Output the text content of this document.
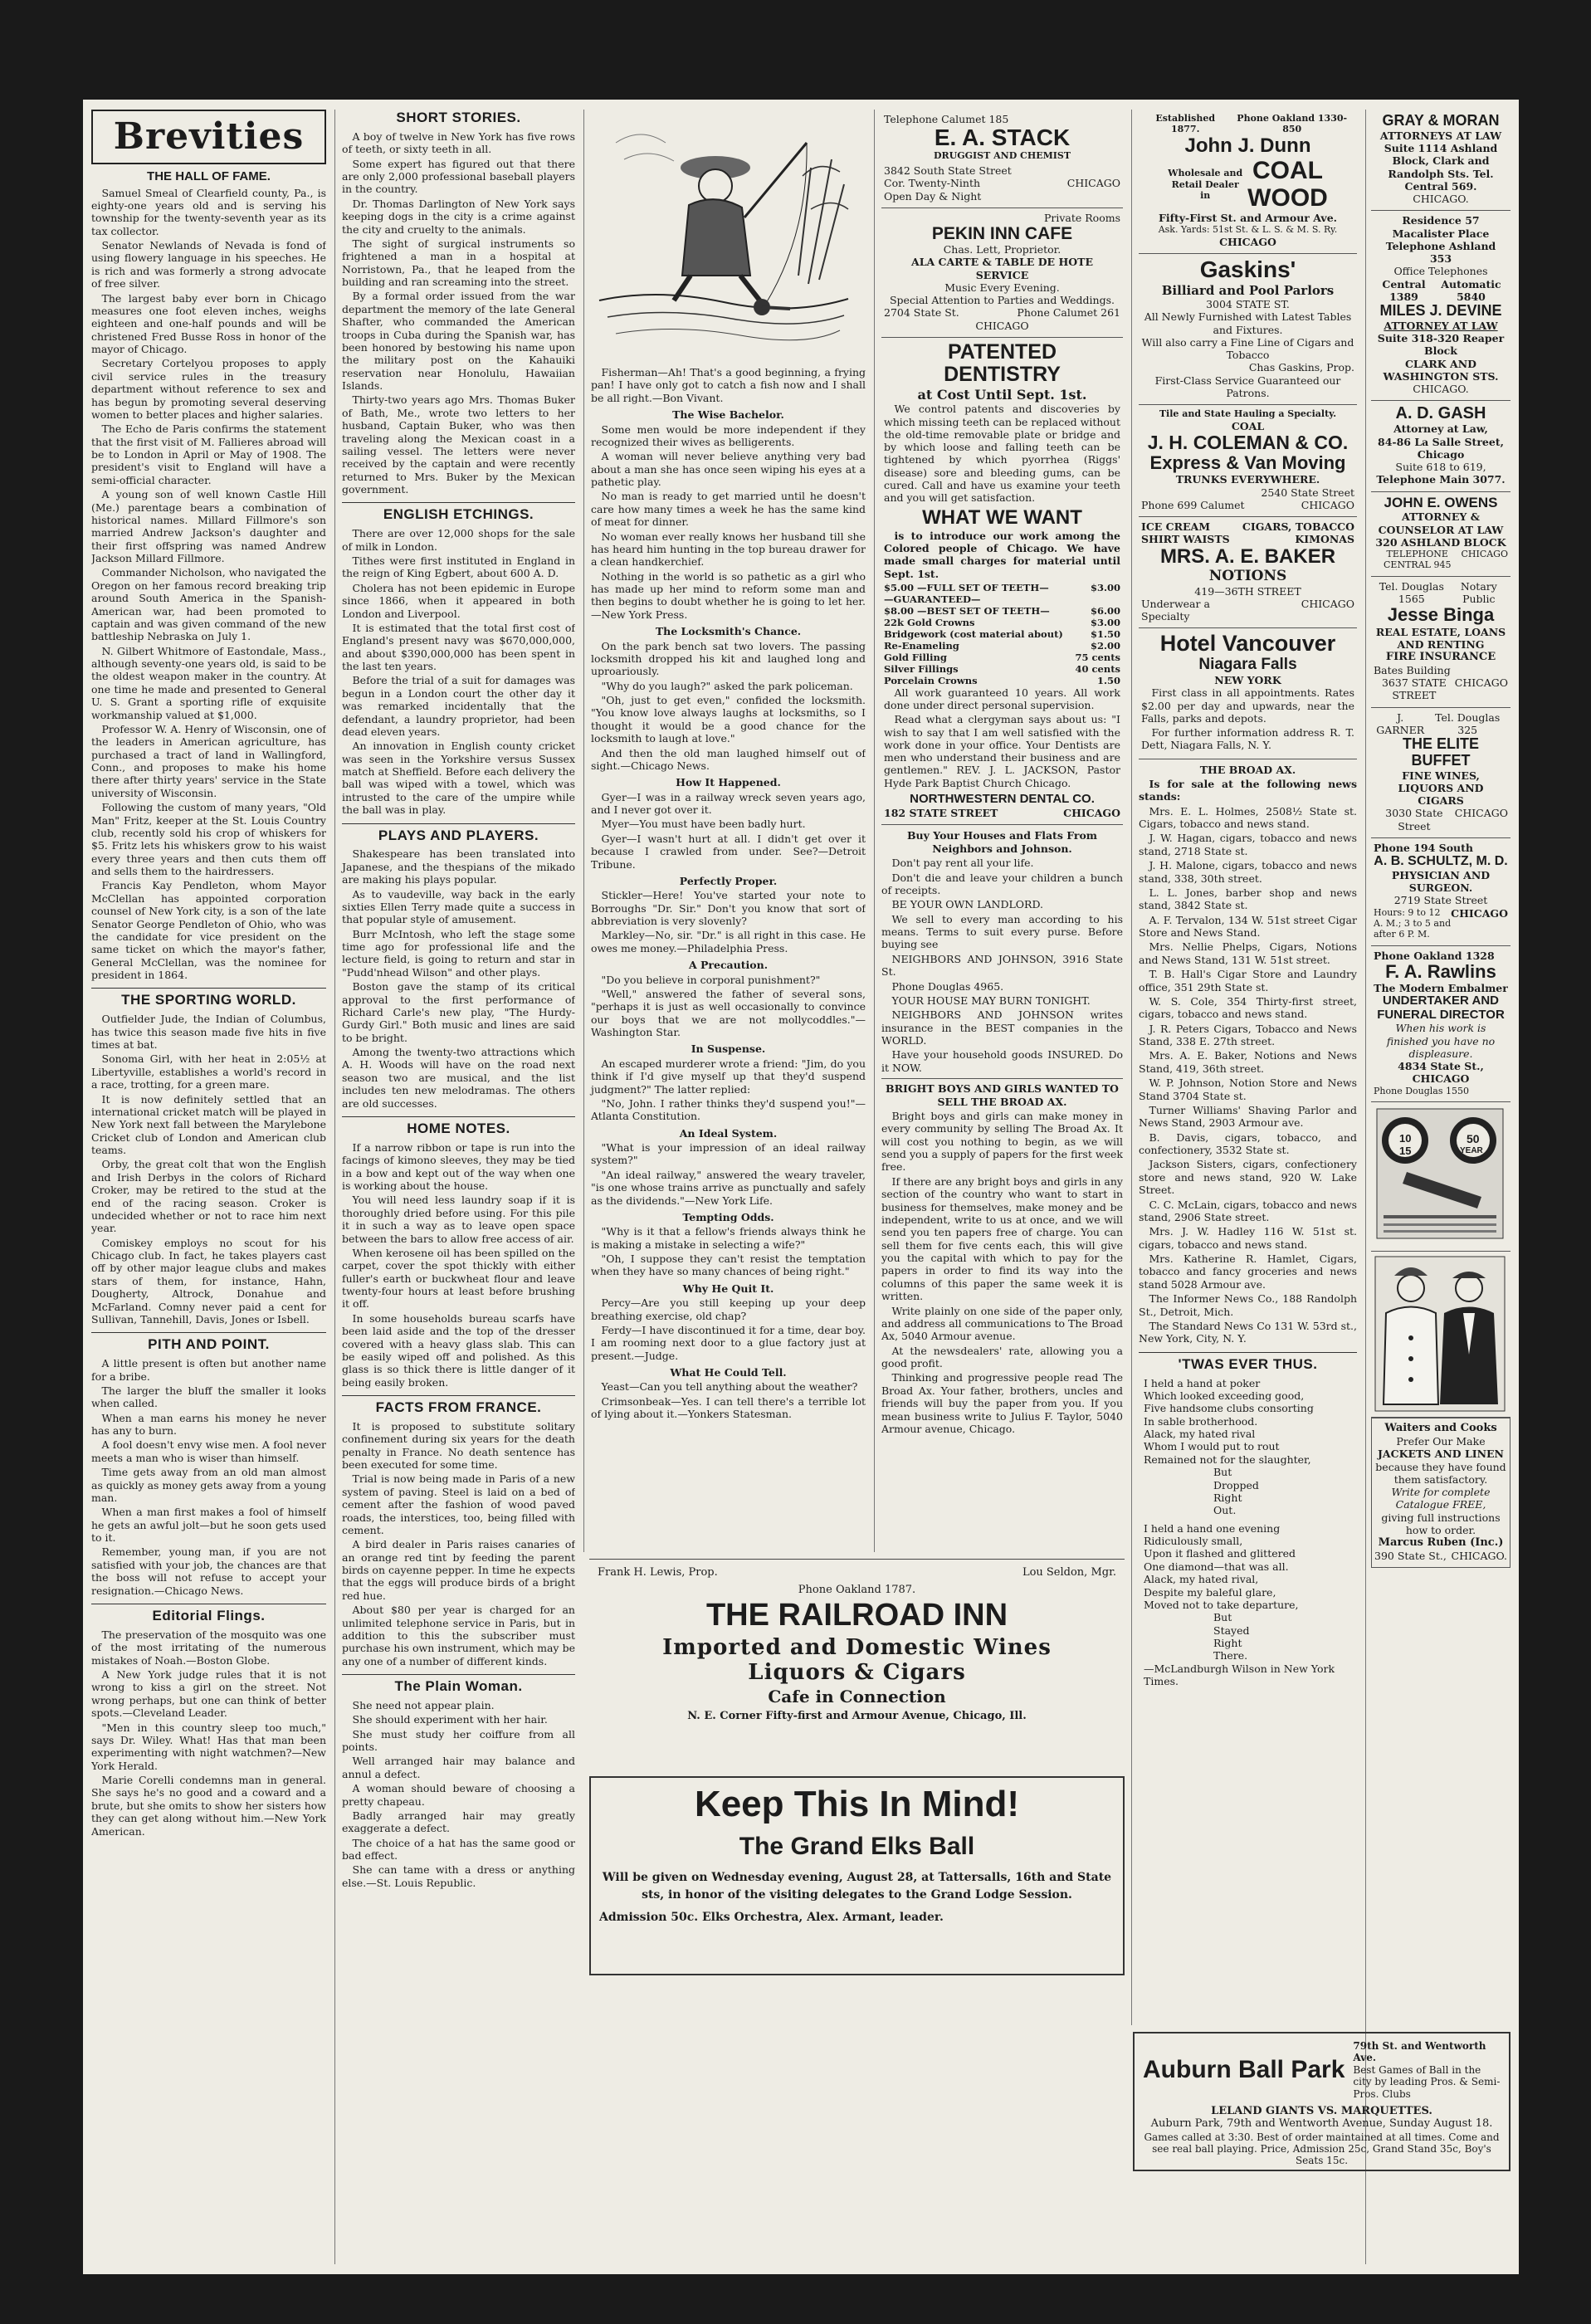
Brevities
THE HALL OF FAME.

Samuel Smeal of Clearfield county, Pa., is eighty-one years old and is serving his township for the twenty-seventh year as its tax collector.

Senator Newlands of Nevada is fond of using flowery language in his speeches. He is rich and was formerly a strong advocate of free silver.

The largest baby ever born in Chicago measures one foot eleven inches, weighs eighteen and one-half pounds and will be christened Fred Busse Ross in honor of the mayor of Chicago.

Secretary Cortelyou proposes to apply civil service rules in the treasury department without reference to sex and has begun by promoting several deserving women to better places and higher salaries.

The Echo de Paris confirms the statement that the first visit of M. Fallieres abroad will be to London in April or May of 1908. The president's visit to England will have a semi-official character.

A young son of well known Castle Hill (Me.) parentage bears a combination of historical names. Millard Fillmore's son married Andrew Jackson's daughter and their first offspring was named Andrew Jackson Millard Fillmore.

Commander Nicholson, who navigated the Oregon on her famous record breaking trip around South America in the Spanish-American war, had been promoted to captain and was given command of the new battleship Nebraska on July 1.

N. Gilbert Whitmore of Eastondale, Mass., although seventy-one years old, is said to be the oldest weapon maker in the country. At one time he made and presented to General U. S. Grant a sporting rifle of exquisite workmanship valued at $1,000.

Professor W. A. Henry of Wisconsin, one of the leaders in American agriculture, has purchased a tract of land in Wallingford, Conn., and proposes to make his home there after thirty years' service in the State university of Wisconsin.

Following the custom of many years, "Old Man" Fritz, keeper at the St. Louis Country club, recently sold his crop of whiskers for $5. Fritz lets his whiskers grow to his waist every three years and then cuts them off and sells them to the hairdressers.

Francis Kay Pendleton, whom Mayor McClellan has appointed corporation counsel of New York city, is a son of the late Senator George Pendleton of Ohio, who was the candidate for vice president on the same ticket on which the mayor's father, General McClellan, was the nominee for president in 1864.

THE SPORTING WORLD.

Outfielder Jude, the Indian of Columbus, has twice this season made five hits in five times at bat.

Sonoma Girl, with her heat in 2:05½ at Libertyville, establishes a world's record in a race, trotting, for a green mare.

It is now definitely settled that an international cricket match will be played in New York next fall between the Marylebone Cricket club of London and American club teams.

Orby, the great colt that won the English and Irish Derbys in the colors of Richard Croker, may be retired to the stud at the end of the racing season. Croker is undecided whether or not to race him next year.

Comiskey employs no scout for his Chicago club. In fact, he takes players cast off by other major league clubs and makes stars of them, for instance, Hahn, Dougherty, Altrock, Donahue and McFarland. Comny never paid a cent for Sullivan, Tannehill, Davis, Jones or Isbell.

PITH AND POINT.

A little present is often but another name for a bribe.

The larger the bluff the smaller it looks when called.

When a man earns his money he never has any to burn.

A fool doesn't envy wise men. A fool never meets a man who is wiser than himself.

Time gets away from an old man almost as quickly as money gets away from a young man.

When a man first makes a fool of himself he gets an awful jolt—but he soon gets used to it.

Remember, young man, if you are not satisfied with your job, the chances are that the boss will not refuse to accept your resignation.—Chicago News.

Editorial Flings.

The preservation of the mosquito was one of the most irritating of the numerous mistakes of Noah.—Boston Globe.

A New York judge rules that it is not wrong to kiss a girl on the street. Not wrong perhaps, but one can think of better spots.—Cleveland Leader.

"Men in this country sleep too much," says Dr. Wiley. What! Has that man been experimenting with night watchmen?—New York Herald.

Marie Corelli condemns man in general. She says he's no good and a coward and a brute, but she omits to show her sisters how they can get along without him.—New York American.

SHORT STORIES.

A boy of twelve in New York has five rows of teeth, or sixty teeth in all.

Some expert has figured out that there are only 2,000 professional baseball players in the country.

Dr. Thomas Darlington of New York says keeping dogs in the city is a crime against the city and cruelty to the animals.

The sight of surgical instruments so frightened a man in a hospital at Norristown, Pa., that he leaped from the building and ran screaming into the street.

By a formal order issued from the war department the memory of the late General Shafter, who commanded the American troops in Cuba during the Spanish war, has been honored by bestowing his name upon the military post on the Kahauiki reservation near Honolulu, Hawaiian Islands.

Thirty-two years ago Mrs. Thomas Buker of Bath, Me., wrote two letters to her husband, Captain Buker, who was then traveling along the Mexican coast in a sailing vessel. The letters were never received by the captain and were recently returned to Mrs. Buker by the Mexican government.

ENGLISH ETCHINGS.

There are over 12,000 shops for the sale of milk in London.

Tithes were first instituted in England in the reign of King Egbert, about 600 A. D.

Cholera has not been epidemic in Europe since 1866, when it appeared in both London and Liverpool.

It is estimated that the total first cost of England's present navy was $670,000,000, and about $390,000,000 has been spent in the last ten years.

Before the trial of a suit for damages was begun in a London court the other day it was remarked incidentally that the defendant, a laundry proprietor, had been dead eleven years.

An innovation in English county cricket was seen in the Yorkshire versus Sussex match at Sheffield. Before each delivery the ball was wiped with a towel, which was intrusted to the care of the umpire while the ball was in play.

PLAYS AND PLAYERS.

Shakespeare has been translated into Japanese, and the thespians of the mikado are making his plays popular.

As to vaudeville, way back in the early sixties Ellen Terry made quite a success in that popular style of amusement.

Burr McIntosh, who left the stage some time ago for professional life and the lecture field, is going to return and star in "Pudd'nhead Wilson" and other plays.

Boston gave the stamp of its critical approval to the first performance of Richard Carle's new play, "The Hurdy-Gurdy Girl." Both music and lines are said to be bright.

Among the twenty-two attractions which A. H. Woods will have on the road next season two are musical, and the list includes ten new melodramas. The others are old successes.

HOME NOTES.

If a narrow ribbon or tape is run into the facings of kimono sleeves, they may be tied in a bow and kept out of the way when one is working about the house.

You will need less laundry soap if it is thoroughly dried before using. For this pile it in such a way as to leave open space between the bars to allow free access of air.

When kerosene oil has been spilled on the carpet, cover the spot thickly with either fuller's earth or buckwheat flour and leave twenty-four hours at least before brushing it off.

In some households bureau scarfs have been laid aside and the top of the dresser covered with a heavy glass slab. This can be easily wiped off and polished. As this glass is so thick there is little danger of it being easily broken.

FACTS FROM FRANCE.

It is proposed to substitute solitary confinement during six years for the death penalty in France. No death sentence has been executed for some time.

Trial is now being made in Paris of a new system of paving. Steel is laid on a bed of cement after the fashion of wood paved roads, the interstices, too, being filled with cement.

A bird dealer in Paris raises canaries of an orange red tint by feeding the parent birds on cayenne pepper. In time he expects that the eggs will produce birds of a bright red hue.

About $80 per year is charged for an unlimited telephone service in Paris, but in addition to this the subscriber must purchase his own instrument, which may be any one of a number of different kinds.

The Plain Woman.

She need not appear plain.

She should experiment with her hair.

She must study her coiffure from all points.

Well arranged hair may balance and annul a defect.

A woman should beware of choosing a pretty chapeau.

Badly arranged hair may greatly exaggerate a defect.

The choice of a hat has the same good or bad effect.

She can tame with a dress or anything else.—St. Louis Republic.

Fisherman—Ah! That's a good beginning, a frying pan! I have only got to catch a fish now and I shall be all right.—Bon Vivant.

The Wise Bachelor.

Some men would be more independent if they recognized their wives as belligerents.

A woman will never believe anything very bad about a man she has once seen wiping his eyes at a pathetic play.

No man is ready to get married until he doesn't care how many times a week he has the same kind of meat for dinner.

No woman ever really knows her husband till she has heard him hunting in the top bureau drawer for a clean handkerchief.

Nothing in the world is so pathetic as a girl who has made up her mind to reform some man and then begins to doubt whether he is going to let her.—New York Press.

The Locksmith's Chance.

On the park bench sat two lovers. The passing locksmith dropped his kit and laughed long and uproariously.

"Why do you laugh?" asked the park policeman.

"Oh, just to get even," confided the locksmith. "You know love always laughs at locksmiths, so I thought it would be a good chance for the locksmith to laugh at love."

And then the old man laughed himself out of sight.—Chicago News.

How It Happened.

Gyer—I was in a railway wreck seven years ago, and I never got over it.

Myer—You must have been badly hurt.

Gyer—I wasn't hurt at all. I didn't get over it because I crawled from under. See?—Detroit Tribune.

Perfectly Proper.

Stickler—Here! You've started your note to Borroughs "Dr. Sir." Don't you know that sort of abbreviation is very slovenly?

Markley—No, sir. "Dr." is all right in this case. He owes me money.—Philadelphia Press.

A Precaution.

"Do you believe in corporal punishment?"

"Well," answered the father of several sons, "perhaps it is just as well occasionally to convince our boys that we are not mollycoddles."—Washington Star.

In Suspense.

An escaped murderer wrote a friend: "Jim, do you think if I'd give myself up that they'd suspend judgment?" The latter replied:

"No, John. I rather thinks they'd suspend you!"—Atlanta Constitution.

An Ideal System.

"What is your impression of an ideal railway system?"

"An ideal railway," answered the weary traveler, "is one whose trains arrive as punctually and safely as the dividends."—New York Life.

Tempting Odds.

"Why is it that a fellow's friends always think he is making a mistake in selecting a wife?"

"Oh, I suppose they can't resist the temptation when they have so many chances of being right."

Why He Quit It.

Percy—Are you still keeping up your deep breathing exercise, old chap?

Ferdy—I have discontinued it for a time, dear boy. I am rooming next door to a glue factory just at present.—Judge.

What He Could Tell.

Yeast—Can you tell anything about the weather?

Crimsonbeak—Yes. I can tell there's a terrible lot of lying about it.—Yonkers Statesman.

Telephone Calumet 185
E. A. STACK
DRUGGIST AND CHEMIST
3842 South State Street
Cor. Twenty-Ninth	CHICAGO
Open Day & Night
Private Rooms
PEKIN INN CAFE
Chas. Lett, Proprietor.
ALA CARTE & TABLE DE HOTE SERVICE
Music Every Evening.
Special Attention to Parties and Weddings.
2704 State St.	Phone Calumet 261
CHICAGO
PATENTED
DENTISTRY
at Cost Until Sept. 1st.

We control patents and discoveries by which missing teeth can be replaced without the old-time removable plate or bridge and by which loose and falling teeth can be tightened by which pyorrhea (Riggs' disease) sore and bleeding gums, can be cured. Call and have us examine your teeth and you will get satisfaction.

WHAT WE WANT

is to introduce our work among the Colored people of Chicago. We have made small charges for material until Sept. 1st.

$5.00 —FULL SET OF TEETH—	$3.00
—GUARANTEED—
$8.00 —BEST SET OF TEETH—	$6.00
22k Gold Crowns	$3.00
Bridgework (cost material about)	$1.50
Re-Enameling	$2.00
Gold Filling	75 cents
Silver Fillings	40 cents
Porcelain Crowns	1.50

All work guaranteed 10 years. All work done under direct personal supervision.

Read what a clergyman says about us: "I wish to say that I am well satisfied with the work done in your office. Your Dentists are men who understand their business and are gentlemen." REV. J. L. JACKSON, Pastor Hyde Park Baptist Church Chicago.

NORTHWESTERN DENTAL CO.
182 STATE STREET	CHICAGO
Buy Your Houses and Flats From Neighbors and Johnson.

Don't pay rent all your life.

Don't die and leave your children a bunch of receipts.

BE YOUR OWN LANDLORD.

We sell to every man according to his means. Terms to suit every purse. Before buying see

NEIGHBORS AND JOHNSON, 3916 State St.

Phone Douglas 4965.

YOUR HOUSE MAY BURN TONIGHT.

NEIGHBORS AND JOHNSON writes insurance in the BEST companies in the WORLD.

Have your household goods INSURED. Do it NOW.

BRIGHT BOYS AND GIRLS WANTED TO SELL THE BROAD AX.

Bright boys and girls can make money in every community by selling The Broad Ax. It will cost you nothing to begin, as we will send you a supply of papers for the first week free.

If there are any bright boys and girls in any section of the country who want to start in business for themselves, make money and be independent, write to us at once, and we will send you ten papers free of charge. You can sell them for five cents each, this will give you the capital with which to pay for the papers in order to find its way into the columns of this paper the same week it is written.

Write plainly on one side of the paper only, and address all communications to The Broad Ax, 5040 Armour avenue.

At the newsdealers' rate, allowing you a good profit.

Thinking and progressive people read The Broad Ax. Your father, brothers, uncles and friends will buy the paper from you. If you mean business write to Julius F. Taylor, 5040 Armour avenue, Chicago.

Established 1877.
Phone Oakland 1330-850
John J. Dunn
Wholesale and Retail Dealer in
COAL
WOOD
Fifty-First St. and Armour Ave.
Ask. Yards: 51st St. & L. S. & M. S. Ry.
CHICAGO
Gaskins'
Billiard and Pool Parlors
3004 STATE ST.
All Newly Furnished with Latest Tables and Fixtures.
Will also carry a Fine Line of Cigars and Tobacco
Chas Gaskins, Prop.
First-Class Service Guaranteed our Patrons.
Tile and State Hauling a Specialty.
COAL
J. H. COLEMAN & CO.
Express & Van Moving
TRUNKS EVERYWHERE.
2540 State Street
Phone 699 Calumet	CHICAGO
ICE CREAM	CIGARS, TOBACCO
SHIRT WAISTS	KIMONAS
MRS. A. E. BAKER
NOTIONS
419—36TH STREET
Underwear a Specialty
CHICAGO
Hotel Vancouver
Niagara Falls
NEW YORK

First class in all appointments. Rates $2.00 per day and upwards, near the Falls, parks and depots.

For further information address R. T. Dett, Niagara Falls, N. Y.

THE BROAD AX.

Is for sale at the following news stands:

Mrs. E. L. Holmes, 2508½ State st. Cigars, tobacco and news stand.

J. W. Hagan, cigars, tobacco and news stand, 2718 State st.

J. H. Malone, cigars, tobacco and news stand, 338, 30th street.

L. L. Jones, barber shop and news stand, 3842 State st.

A. F. Tervalon, 134 W. 51st street Cigar Store and News Stand.

Mrs. Nellie Phelps, Cigars, Notions and News Stand, 131 W. 51st street.

T. B. Hall's Cigar Store and Laundry office, 351 29th State st.

W. S. Cole, 354 Thirty-first street, cigars, tobacco and news stand.

J. R. Peters Cigars, Tobacco and News Stand, 338 E. 27th street.

Mrs. A. E. Baker, Notions and News Stand, 419, 36th street.

W. P. Johnson, Notion Store and News Stand 3704 State st.

Turner Williams' Shaving Parlor and News Stand, 2903 Armour ave.

B. Davis, cigars, tobacco, and confectionery, 3532 State st.

Jackson Sisters, cigars, confectionery store and news stand, 920 W. Lake Street.

C. C. McLain, cigars, tobacco and news stand, 2906 State street.

Mrs. J. W. Hadley 116 W. 51st st. cigars, tobacco and news stand.

Mrs. Katherine R. Hamlet, Cigars, tobacco and fancy groceries and news stand 5028 Armour ave.

The Informer News Co., 188 Randolph St., Detroit, Mich.

The Standard News Co 131 W. 53rd st., New York, City, N. Y.

'TWAS EVER THUS.
I held a hand at poker
Which looked exceeding good,
Five handsome clubs consorting
In sable brotherhood.
Alack, my hated rival
Whom I would put to rout
Remained not for the slaughter,
But
Dropped
Right
Out.
I held a hand one evening
Ridiculously small,
Upon it flashed and glittered
One diamond—that was all.
Alack, my hated rival,
Despite my baleful glare,
Moved not to take departure,
But
Stayed
Right
There.
—McLandburgh Wilson in New York Times.
GRAY & MORAN
ATTORNEYS AT LAW
Suite 1114 Ashland Block, Clark and Randolph Sts. Tel. Central 569.
CHICAGO.
Residence 57 Macalister Place
Telephone Ashland 353
Office Telephones
Central 1389
Automatic 5840
MILES J. DEVINE
ATTORNEY AT LAW
Suite 318-320 Reaper Block
CLARK AND WASHINGTON STS.
CHICAGO.
A. D. GASH
Attorney at Law,
84-86 La Salle Street, Chicago
Suite 618 to 619,
Telephone Main 3077.
JOHN E. OWENS
ATTORNEY & COUNSELOR AT LAW
320 ASHLAND BLOCK
TELEPHONE CENTRAL 945
CHICAGO
Tel. Douglas 1565
Notary Public
Jesse Binga
REAL ESTATE, LOANS AND RENTING
FIRE INSURANCE
Bates Building
3637 STATE STREET
CHICAGO
J. GARNER
Tel. Douglas 325
THE ELITE BUFFET
FINE WINES, LIQUORS AND CIGARS
3030 State Street
CHICAGO
Phone 194 South
A. B. SCHULTZ, M. D.
PHYSICIAN AND SURGEON.
2719 State Street
Hours: 9 to 12 A. M.; 3 to 5 and after 6 P. M.
CHICAGO
Phone Oakland 1328
F. A. Rawlins
The Modern Embalmer
UNDERTAKER AND FUNERAL DIRECTOR
When his work is finished you have no displeasure.
4834 State St., CHICAGO
Phone Douglas 1550
10
15
50
YEAR
Waiters and Cooks
Prefer Our Make
JACKETS AND LINEN
because they have found them satisfactory.
Write for complete Catalogue FREE,
giving full instructions how to order.
Marcus Ruben (Inc.)
390 State St., CHICAGO.
Frank H. Lewis, Prop.	Lou Seldon, Mgr.
Phone Oakland 1787.
THE RAILROAD INN
Imported and Domestic Wines
Liquors & Cigars
Cafe in Connection
N. E. Corner Fifty-first and Armour Avenue, Chicago, Ill.
Keep This In Mind!
The Grand Elks Ball
Will be given on Wednesday evening, August 28, at Tattersalls, 16th and State sts, in honor of the visiting delegates to the Grand Lodge Session.
Admission 50c. Elks Orchestra, Alex. Armant, leader.
Auburn Ball Park
79th St. and Wentworth Ave.
Best Games of Ball in the city by leading Pros. & Semi-Pros. Clubs
LELAND GIANTS VS. MARQUETTES.
Auburn Park, 79th and Wentworth Avenue, Sunday August 18.
Games called at 3:30. Best of order maintained at all times. Come and see real ball playing. Price, Admission 25c, Grand Stand 35c, Boy's Seats 15c.
